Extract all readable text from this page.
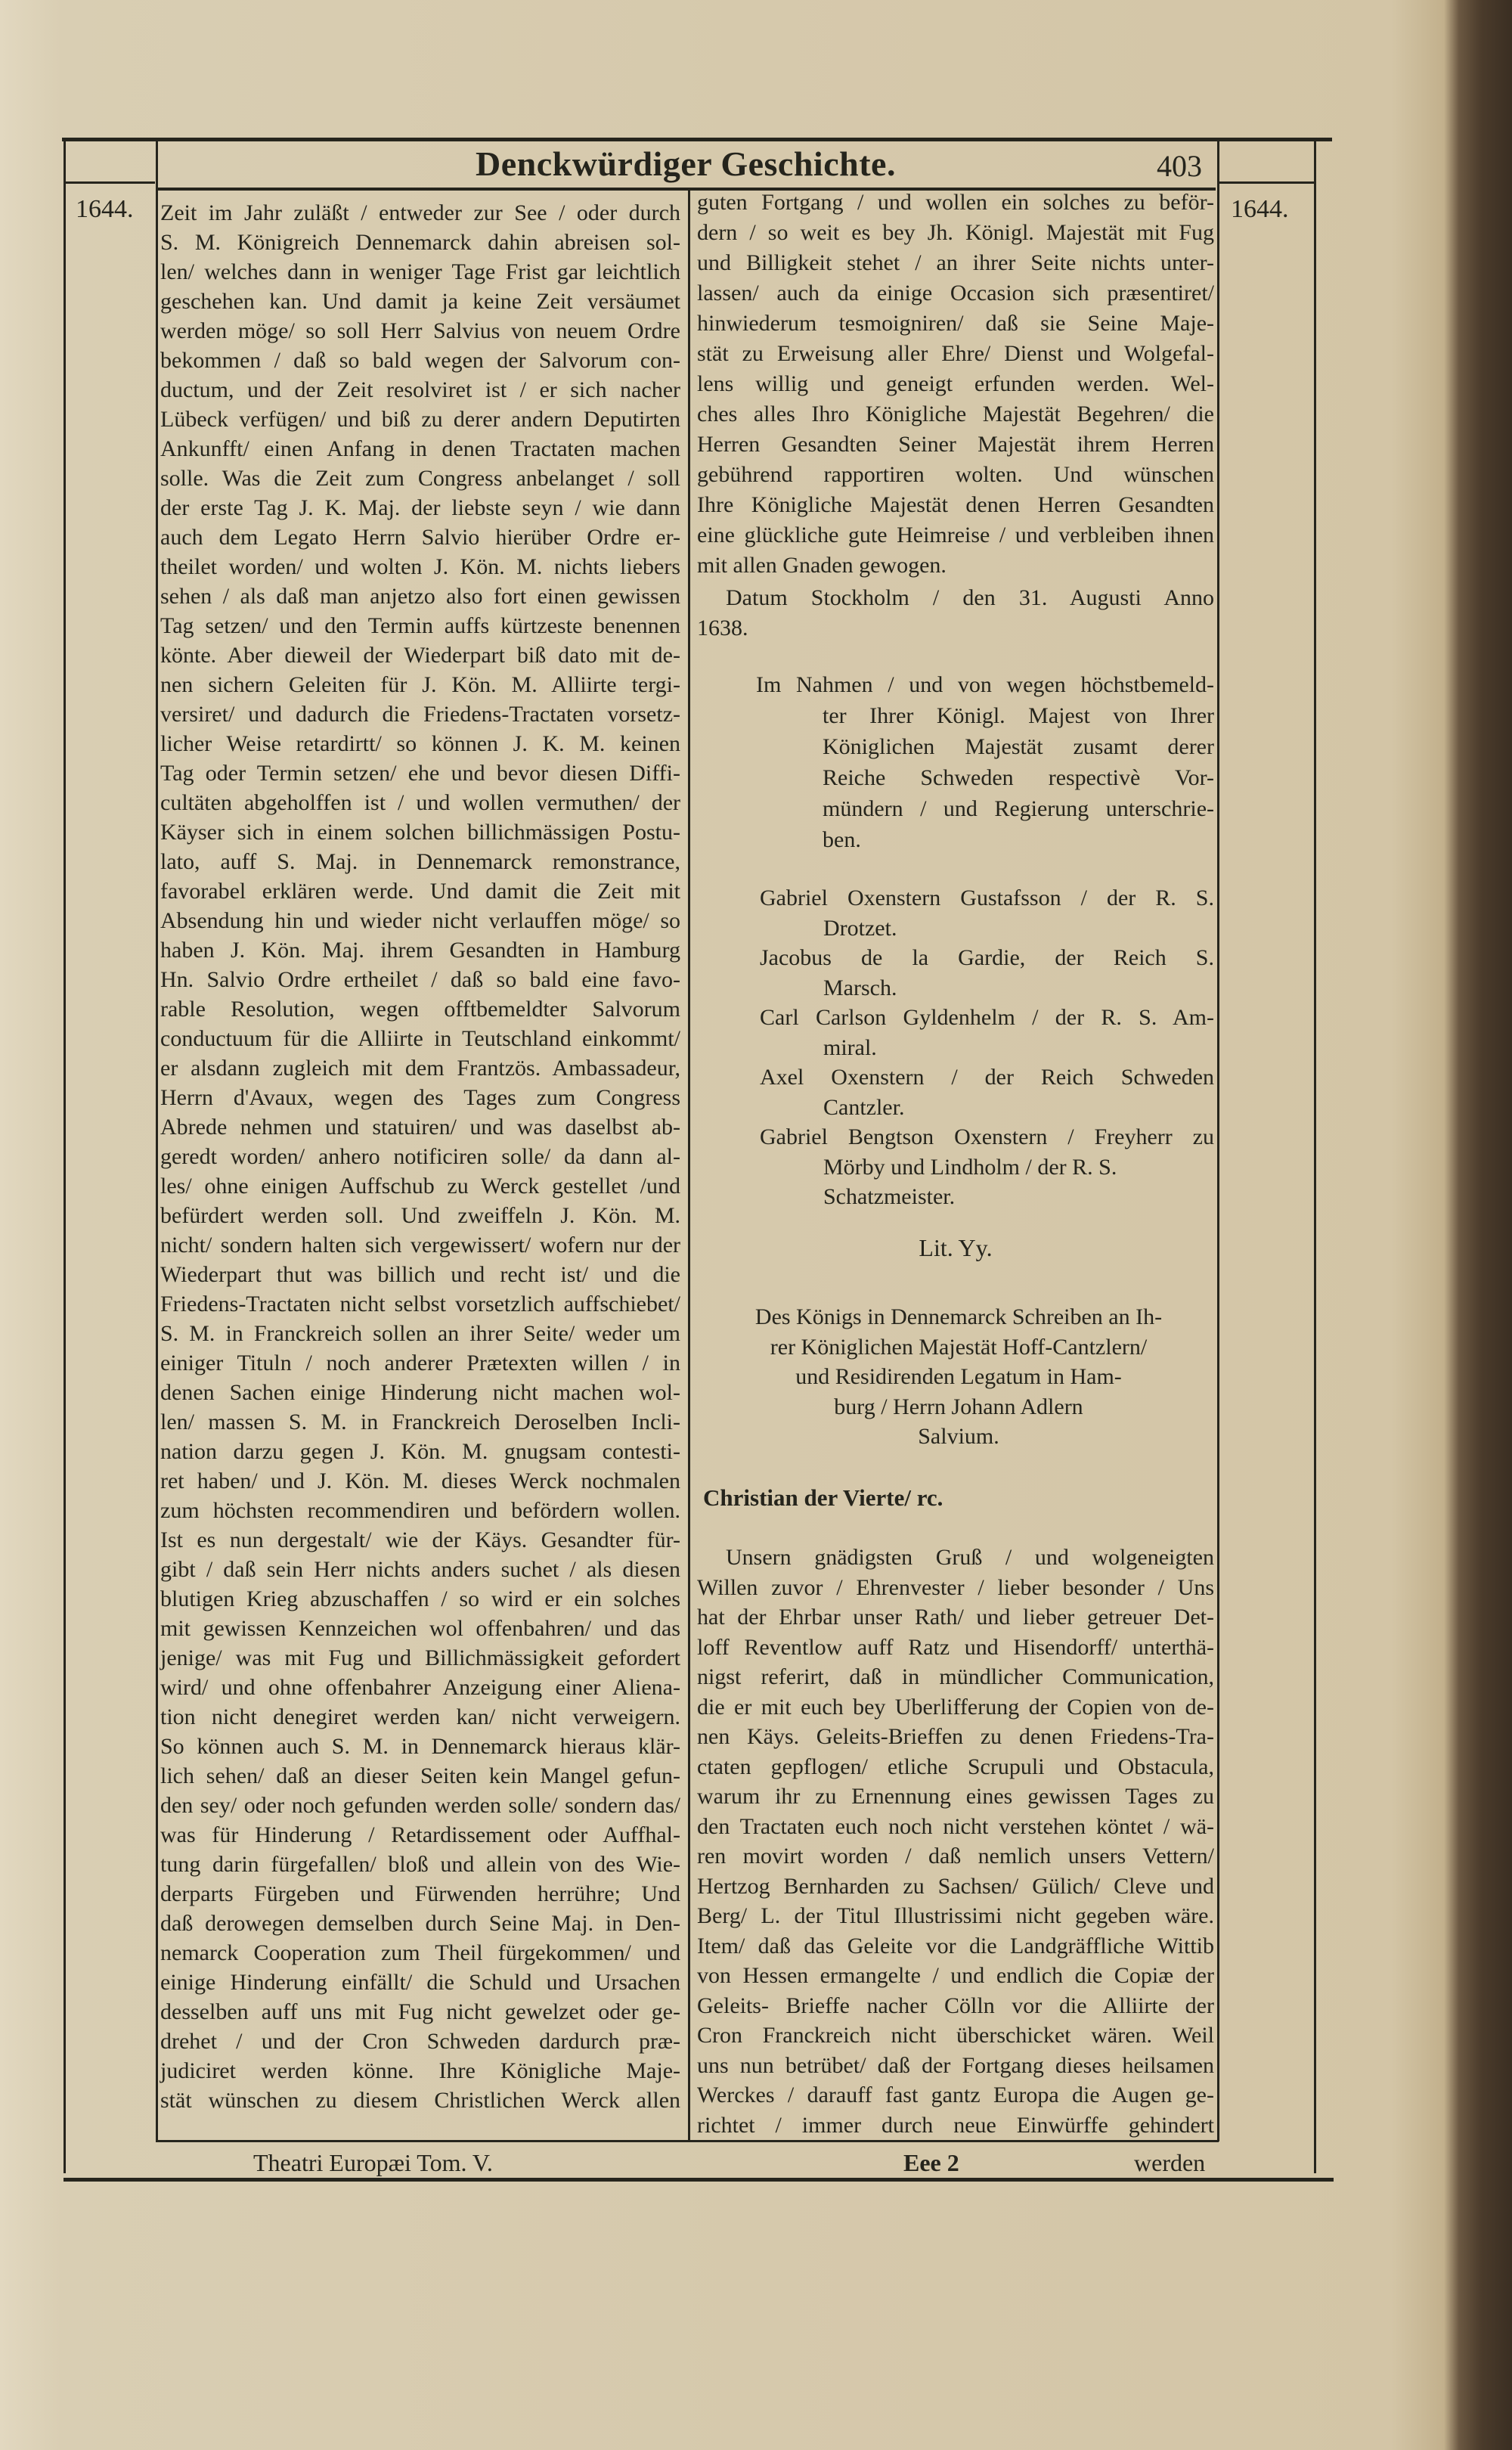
Denckwürdiger Geschichte.	403
1644.	1644.
Zeit im Jahr zuläßt / entweder zur See / oder durch
S. M. Königreich Dennemarck dahin abreisen sol-
len/ welches dann in weniger Tage Frist gar leichtlich
geschehen kan. Und damit ja keine Zeit versäumet
werden möge/ so soll Herr Salvius von neuem Ordre
bekommen / daß so bald wegen der Salvorum con-
ductum, und der Zeit resolviret ist / er sich nacher
Lübeck verfügen/ und biß zu derer andern Deputirten
Ankunfft/ einen Anfang in denen Tractaten machen
solle. Was die Zeit zum Congress anbelanget / soll
der erste Tag J. K. Maj. der liebste seyn / wie dann
auch dem Legato Herrn Salvio hierüber Ordre er-
theilet worden/ und wolten J. Kön. M. nichts liebers
sehen / als daß man anjetzo also fort einen gewissen
Tag setzen/ und den Termin auffs kürtzeste benennen
könte. Aber dieweil der Wiederpart biß dato mit de-
nen sichern Geleiten für J. Kön. M. Alliirte tergi-
versiret/ und dadurch die Friedens-Tractaten vorsetz-
licher Weise retardirtt/ so können J. K. M. keinen
Tag oder Termin setzen/ ehe und bevor diesen Diffi-
cultäten abgeholffen ist / und wollen vermuthen/ der
Käyser sich in einem solchen billichmässigen Postu-
lato, auff S. Maj. in Dennemarck remonstrance,
favorabel erklären werde. Und damit die Zeit mit
Absendung hin und wieder nicht verlauffen möge/ so
haben J. Kön. Maj. ihrem Gesandten in Hamburg
Hn. Salvio Ordre ertheilet / daß so bald eine favo-
rable Resolution, wegen offtbemeldter Salvorum
conductuum für die Alliirte in Teutschland einkommt/
er alsdann zugleich mit dem Frantzös. Ambassadeur,
Herrn d'Avaux, wegen des Tages zum Congress
Abrede nehmen und statuiren/ und was daselbst ab-
geredt worden/ anhero notificiren solle/ da dann al-
les/ ohne einigen Auffschub zu Werck gestellet /und
befürdert werden soll. Und zweiffeln J. Kön. M.
nicht/ sondern halten sich vergewissert/ wofern nur der
Wiederpart thut was billich und recht ist/ und die
Friedens-Tractaten nicht selbst vorsetzlich auffschiebet/
S. M. in Franckreich sollen an ihrer Seite/ weder um
einiger Tituln / noch anderer Prætexten willen / in
denen Sachen einige Hinderung nicht machen wol-
len/ massen S. M. in Franckreich Deroselben Incli-
nation darzu gegen J. Kön. M. gnugsam contesti-
ret haben/ und J. Kön. M. dieses Werck nochmalen
zum höchsten recommendiren und befördern wollen.
Ist es nun dergestalt/ wie der Käys. Gesandter für-
gibt / daß sein Herr nichts anders suchet / als diesen
blutigen Krieg abzuschaffen / so wird er ein solches
mit gewissen Kennzeichen wol offenbahren/ und das
jenige/ was mit Fug und Billichmässigkeit gefordert
wird/ und ohne offenbahrer Anzeigung einer Aliena-
tion nicht denegiret werden kan/ nicht verweigern.
So können auch S. M. in Dennemarck hieraus klär-
lich sehen/ daß an dieser Seiten kein Mangel gefun-
den sey/ oder noch gefunden werden solle/ sondern das/
was für Hinderung / Retardissement oder Auffhal-
tung darin fürgefallen/ bloß und allein von des Wie-
derparts Fürgeben und Fürwenden herrühre; Und
daß derowegen demselben durch Seine Maj. in Den-
nemarck Cooperation zum Theil fürgekommen/ und
einige Hinderung einfällt/ die Schuld und Ursachen
desselben auff uns mit Fug nicht gewelzet oder ge-
drehet / und der Cron Schweden dardurch præ-
judiciret werden könne. Ihre Königliche Maje-
stät wünschen zu diesem Christlichen Werck allen
guten Fortgang / und wollen ein solches zu beför-
dern / so weit es bey Jh. Königl. Majestät mit Fug
und Billigkeit stehet / an ihrer Seite nichts unter-
lassen/ auch da einige Occasion sich præsentiret/
hinwiederum tesmoigniren/ daß sie Seine Maje-
stät zu Erweisung aller Ehre/ Dienst und Wolgefal-
lens willig und geneigt erfunden werden. Wel-
ches alles Ihro Königliche Majestät Begehren/ die
Herren Gesandten Seiner Majestät ihrem Herren
gebührend rapportiren wolten. Und wünschen
Ihre Königliche Majestät denen Herren Gesandten
eine glückliche gute Heimreise / und verbleiben ihnen
mit allen Gnaden gewogen.
Datum Stockholm / den 31. Augusti Anno
1638.
Im Nahmen / und von wegen höchstbemeld-
ter Ihrer Königl. Majest von Ihrer
Königlichen Majestät zusamt derer
Reiche Schweden respectivè Vor-
mündern / und Regierung unterschrie-
ben.
Gabriel Oxenstern Gustafsson / der R. S.
Drotzet.
Jacobus de la Gardie, der Reich S.
Marsch.
Carl Carlson Gyldenhelm / der R. S. Am-
miral.
Axel Oxenstern / der Reich Schweden
Cantzler.
Gabriel Bengtson Oxenstern / Freyherr zu
Mörby und Lindholm / der R. S.
Schatzmeister.
Lit. Yy.
Des Königs in Dennemarck Schreiben an Ih-
rer Königlichen Majestät Hoff-Cantzlern/
und Residirenden Legatum in Ham-
burg / Herrn Johann Adlern
Salvium.
Christian der Vierte/ rc.
Unsern gnädigsten Gruß / und wolgeneigten
Willen zuvor / Ehrenvester / lieber besonder / Uns
hat der Ehrbar unser Rath/ und lieber getreuer Det-
loff Reventlow auff Ratz und Hisendorff/ unterthä-
nigst referirt, daß in mündlicher Communication,
die er mit euch bey Uberlifferung der Copien von de-
nen Käys. Geleits-Brieffen zu denen Friedens-Tra-
ctaten gepflogen/ etliche Scrupuli und Obstacula,
warum ihr zu Ernennung eines gewissen Tages zu
den Tractaten euch noch nicht verstehen köntet / wä-
ren movirt worden / daß nemlich unsers Vettern/
Hertzog Bernharden zu Sachsen/ Gülich/ Cleve und
Berg/ L. der Titul Illustrissimi nicht gegeben wäre.
Item/ daß das Geleite vor die Landgräffliche Wittib
von Hessen ermangelte / und endlich die Copiæ der
Geleits- Brieffe nacher Cölln vor die Alliirte der
Cron Franckreich nicht überschicket wären. Weil
uns nun betrübet/ daß der Fortgang dieses heilsamen
Werckes / darauff fast gantz Europa die Augen ge-
richtet / immer durch neue Einwürffe gehindert
Theatri Europæi Tom. V.	Eee 2	werden
